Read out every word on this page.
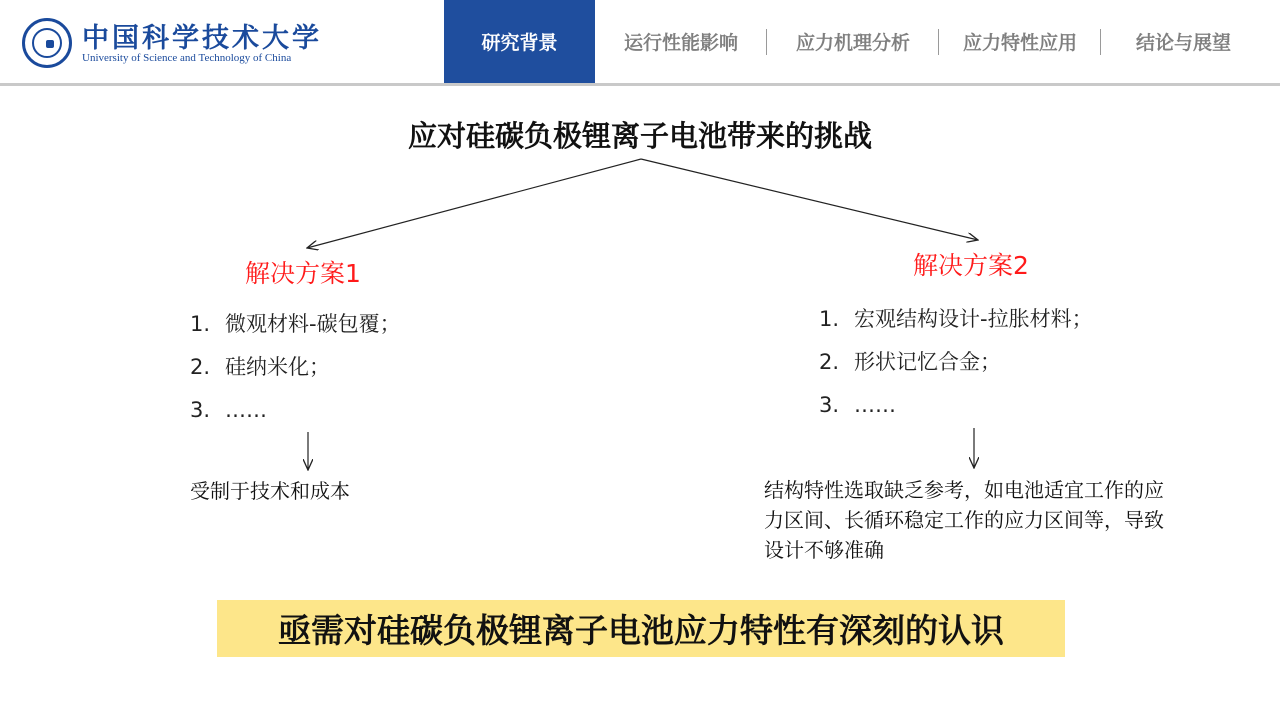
中国科学技术大学
University of Science and Technology of China
研究背景	运行性能影响	应力机理分析	应力特性应用	结论与展望
应对硅碳负极锂离子电池带来的挑战
解决方案1
1. 微观材料-碳包覆；
2. 硅纳米化；
3. ……
受制于技术和成本
解决方案2
1. 宏观结构设计-拉胀材料；
2. 形状记忆合金；
3. ……
结构特性选取缺乏参考，如电池适宜工作的应力区间、长循环稳定工作的应力区间等，导致设计不够准确
亟需对硅碳负极锂离子电池应力特性有深刻的认识
